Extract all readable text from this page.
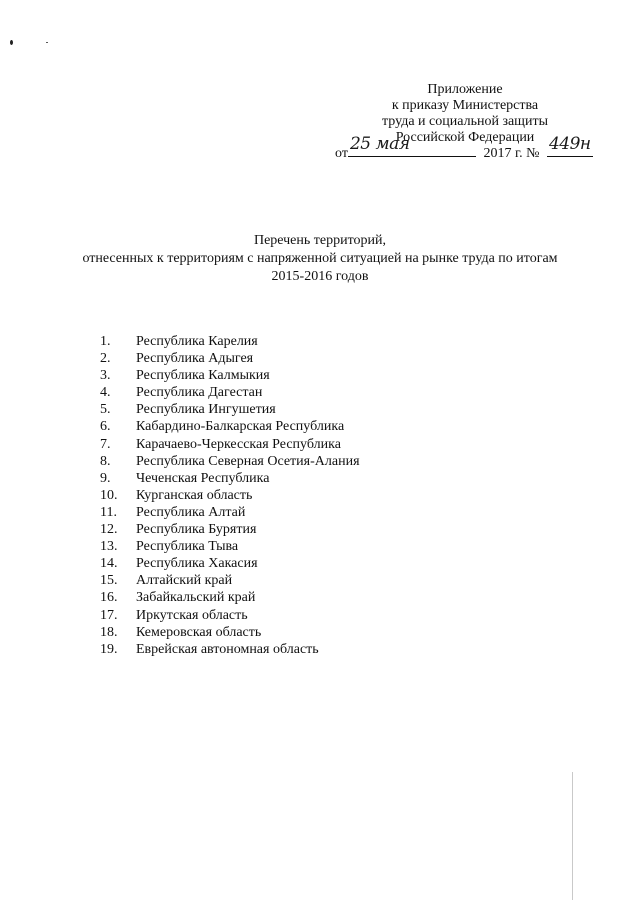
Приложение
к приказу Министерства
труда и социальной защиты
Российской Федерации
от 25 мая	2017 г. № 449н
Перечень территорий,
отнесенных к территориям с напряженной ситуацией на рынке труда по итогам
2015-2016 годов
1.	Республика Карелия
2.	Республика Адыгея
3.	Республика Калмыкия
4.	Республика Дагестан
5.	Республика Ингушетия
6.	Кабардино-Балкарская Республика
7.	Карачаево-Черкесская Республика
8.	Республика Северная Осетия-Алания
9.	Чеченская Республика
10.	Курганская область
11.	Республика Алтай
12.	Республика Бурятия
13.	Республика Тыва
14.	Республика Хакасия
15.	Алтайский край
16.	Забайкальский край
17.	Иркутская область
18.	Кемеровская область
19.	Еврейская автономная область
